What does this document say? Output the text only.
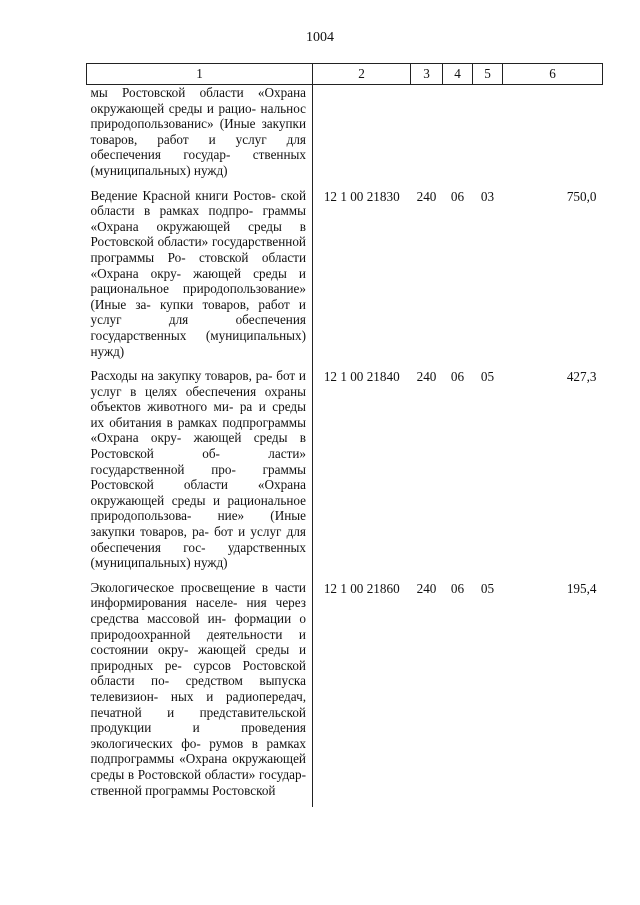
1004
1	2	3	4	5	6
мы Ростовской области «Охрана окружающей среды и рацио- нальнос природопользованис» (Иные закупки товаров, работ и услуг для обеспечения государ- ственных (муниципальных) нужд)					
Ведение Красной книги Ростов- ской области в рамках подпро- граммы «Охрана окружающей среды в Ростовской области» государственной программы Ро- стовской области «Охрана окру- жающей среды и рациональное природопользование» (Иные за- купки товаров, работ и услуг для обеспечения государственных (муниципальных) нужд)	12 1 00 21830	240	06	03	750,0
Расходы на закупку товаров, ра- бот и услуг в целях обеспечения охраны объектов животного ми- ра и среды их обитания в рамках подпрограммы «Охрана окру- жающей среды в Ростовской об- ласти» государственной про- граммы Ростовской области «Охрана окружающей среды и рациональное природопользова- ние» (Иные закупки товаров, ра- бот и услуг для обеспечения гос- ударственных (муниципальных) нужд)	12 1 00 21840	240	06	05	427,3
Экологическое просвещение в части информирования населе- ния через средства массовой ин- формации о природоохранной деятельности и состоянии окру- жающей среды и природных ре- сурсов Ростовской области по- средством выпуска телевизион- ных и радиопередач, печатной и представительской продукции и проведения экологических фо- румов в рамках подпрограммы «Охрана окружающей среды в Ростовской области» государ- ственной программы Ростовской	12 1 00 21860	240	06	05	195,4
